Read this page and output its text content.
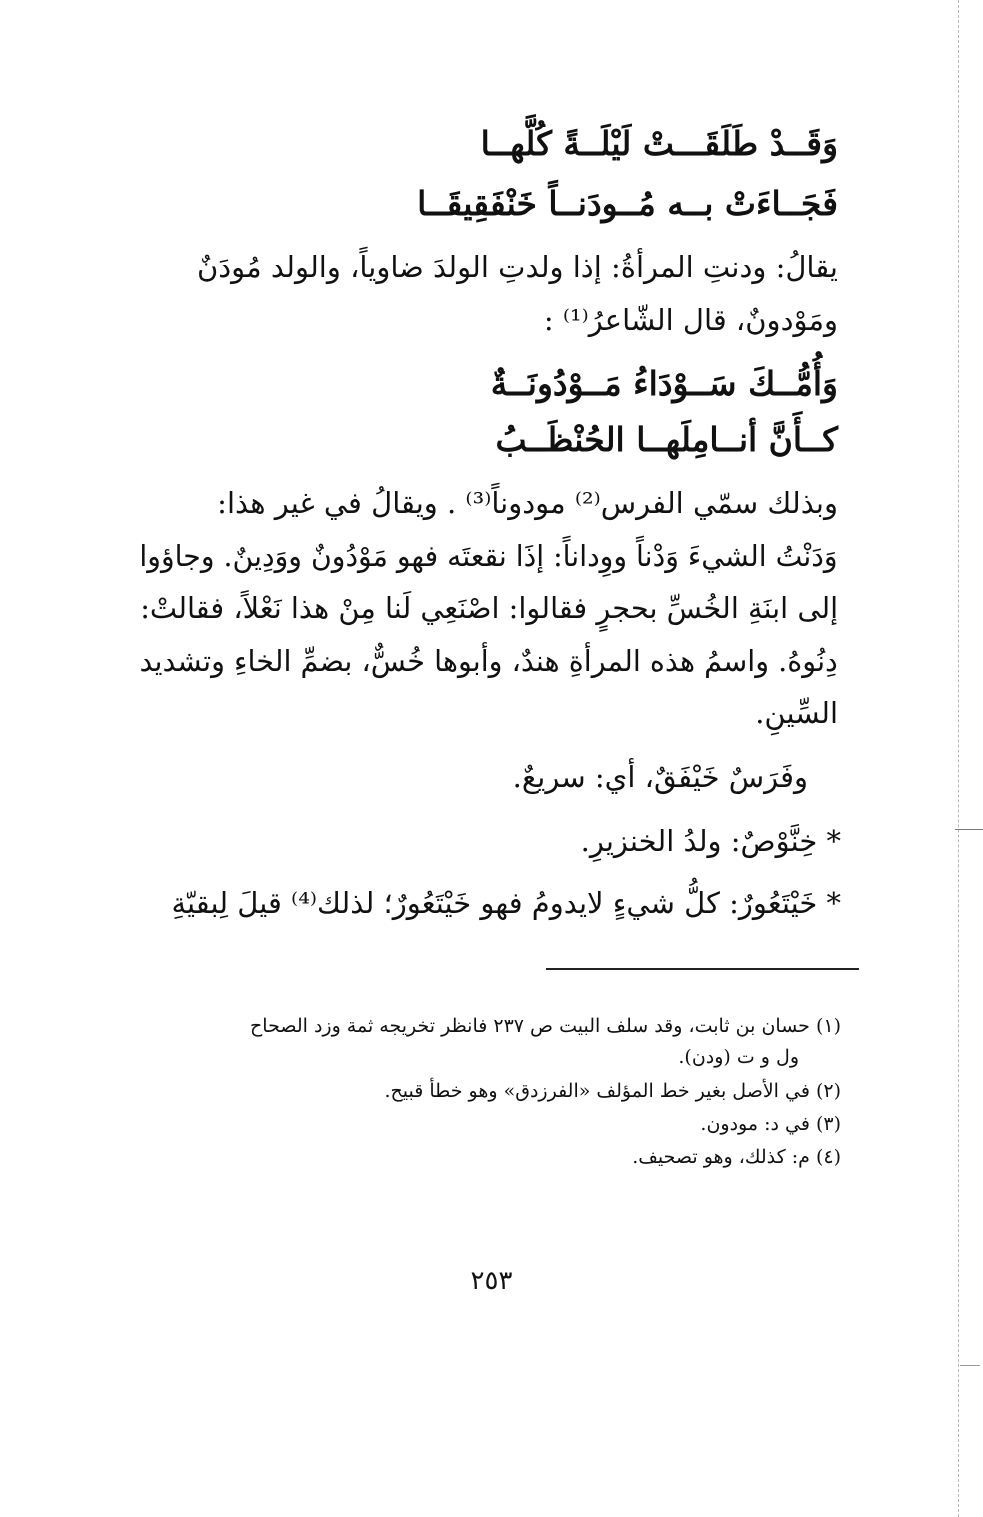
وَقَــدْ طَلَقَـــتْ لَيْلَــةً كُلَّهــا
فَجَــاءَتْ بــه مُــودَنــاً خَنْفَقِيقَــا
يقالُ: ودنتِ المرأةُ: إذا ولدتِ الولدَ ضاوياً، والولد مُودَنٌ
ومَوْدونٌ، قال الشّاعرُ⁽¹⁾ :
وَأُمُّــكَ سَــوْدَاءُ مَــوْدُونَــةٌ
كــأَنَّ أنــامِلَهــا الحُنْظَــبُ
وبذلك سمّي الفرس⁽²⁾ مودوناً⁽³⁾ . ويقالُ في غير هذا:
وَدَنْتُ الشيءَ وَدْناً ووِداناً: إذَا نقعتَه فهو مَوْدُونٌ ووَدِينٌ. وجاؤوا
إلى ابنَةِ الخُسِّ بحجرٍ فقالوا: اصْنَعِي لَنا مِنْ هذا نَعْلاً، فقالتْ:
دِنُوهُ. واسمُ هذه المرأةِ هندٌ، وأبوها خُسٌّ، بضمِّ الخاءِ وتشديد
السِّينِ.
وفَرَسٌ خَيْفَقٌ، أي: سريعٌ.
* خِنَّوْصٌ: ولدُ الخنزيرِ.
* خَيْتَعُورٌ: كلُّ شيءٍ لايدومُ فهو خَيْتَعُورٌ؛ لذلك⁽⁴⁾ قيلَ لِبقيّةِ
(١) حسان بن ثابت، وقد سلف البيت ص ٢٣٧ فانظر تخريجه ثمة وزد الصحاح
ول و ت (ودن).
(٢) في الأصل بغير خط المؤلف «الفرزدق» وهو خطأ قبيح.
(٣) في د: مودون.
(٤) م: كذلك، وهو تصحيف.
٢٥٣
